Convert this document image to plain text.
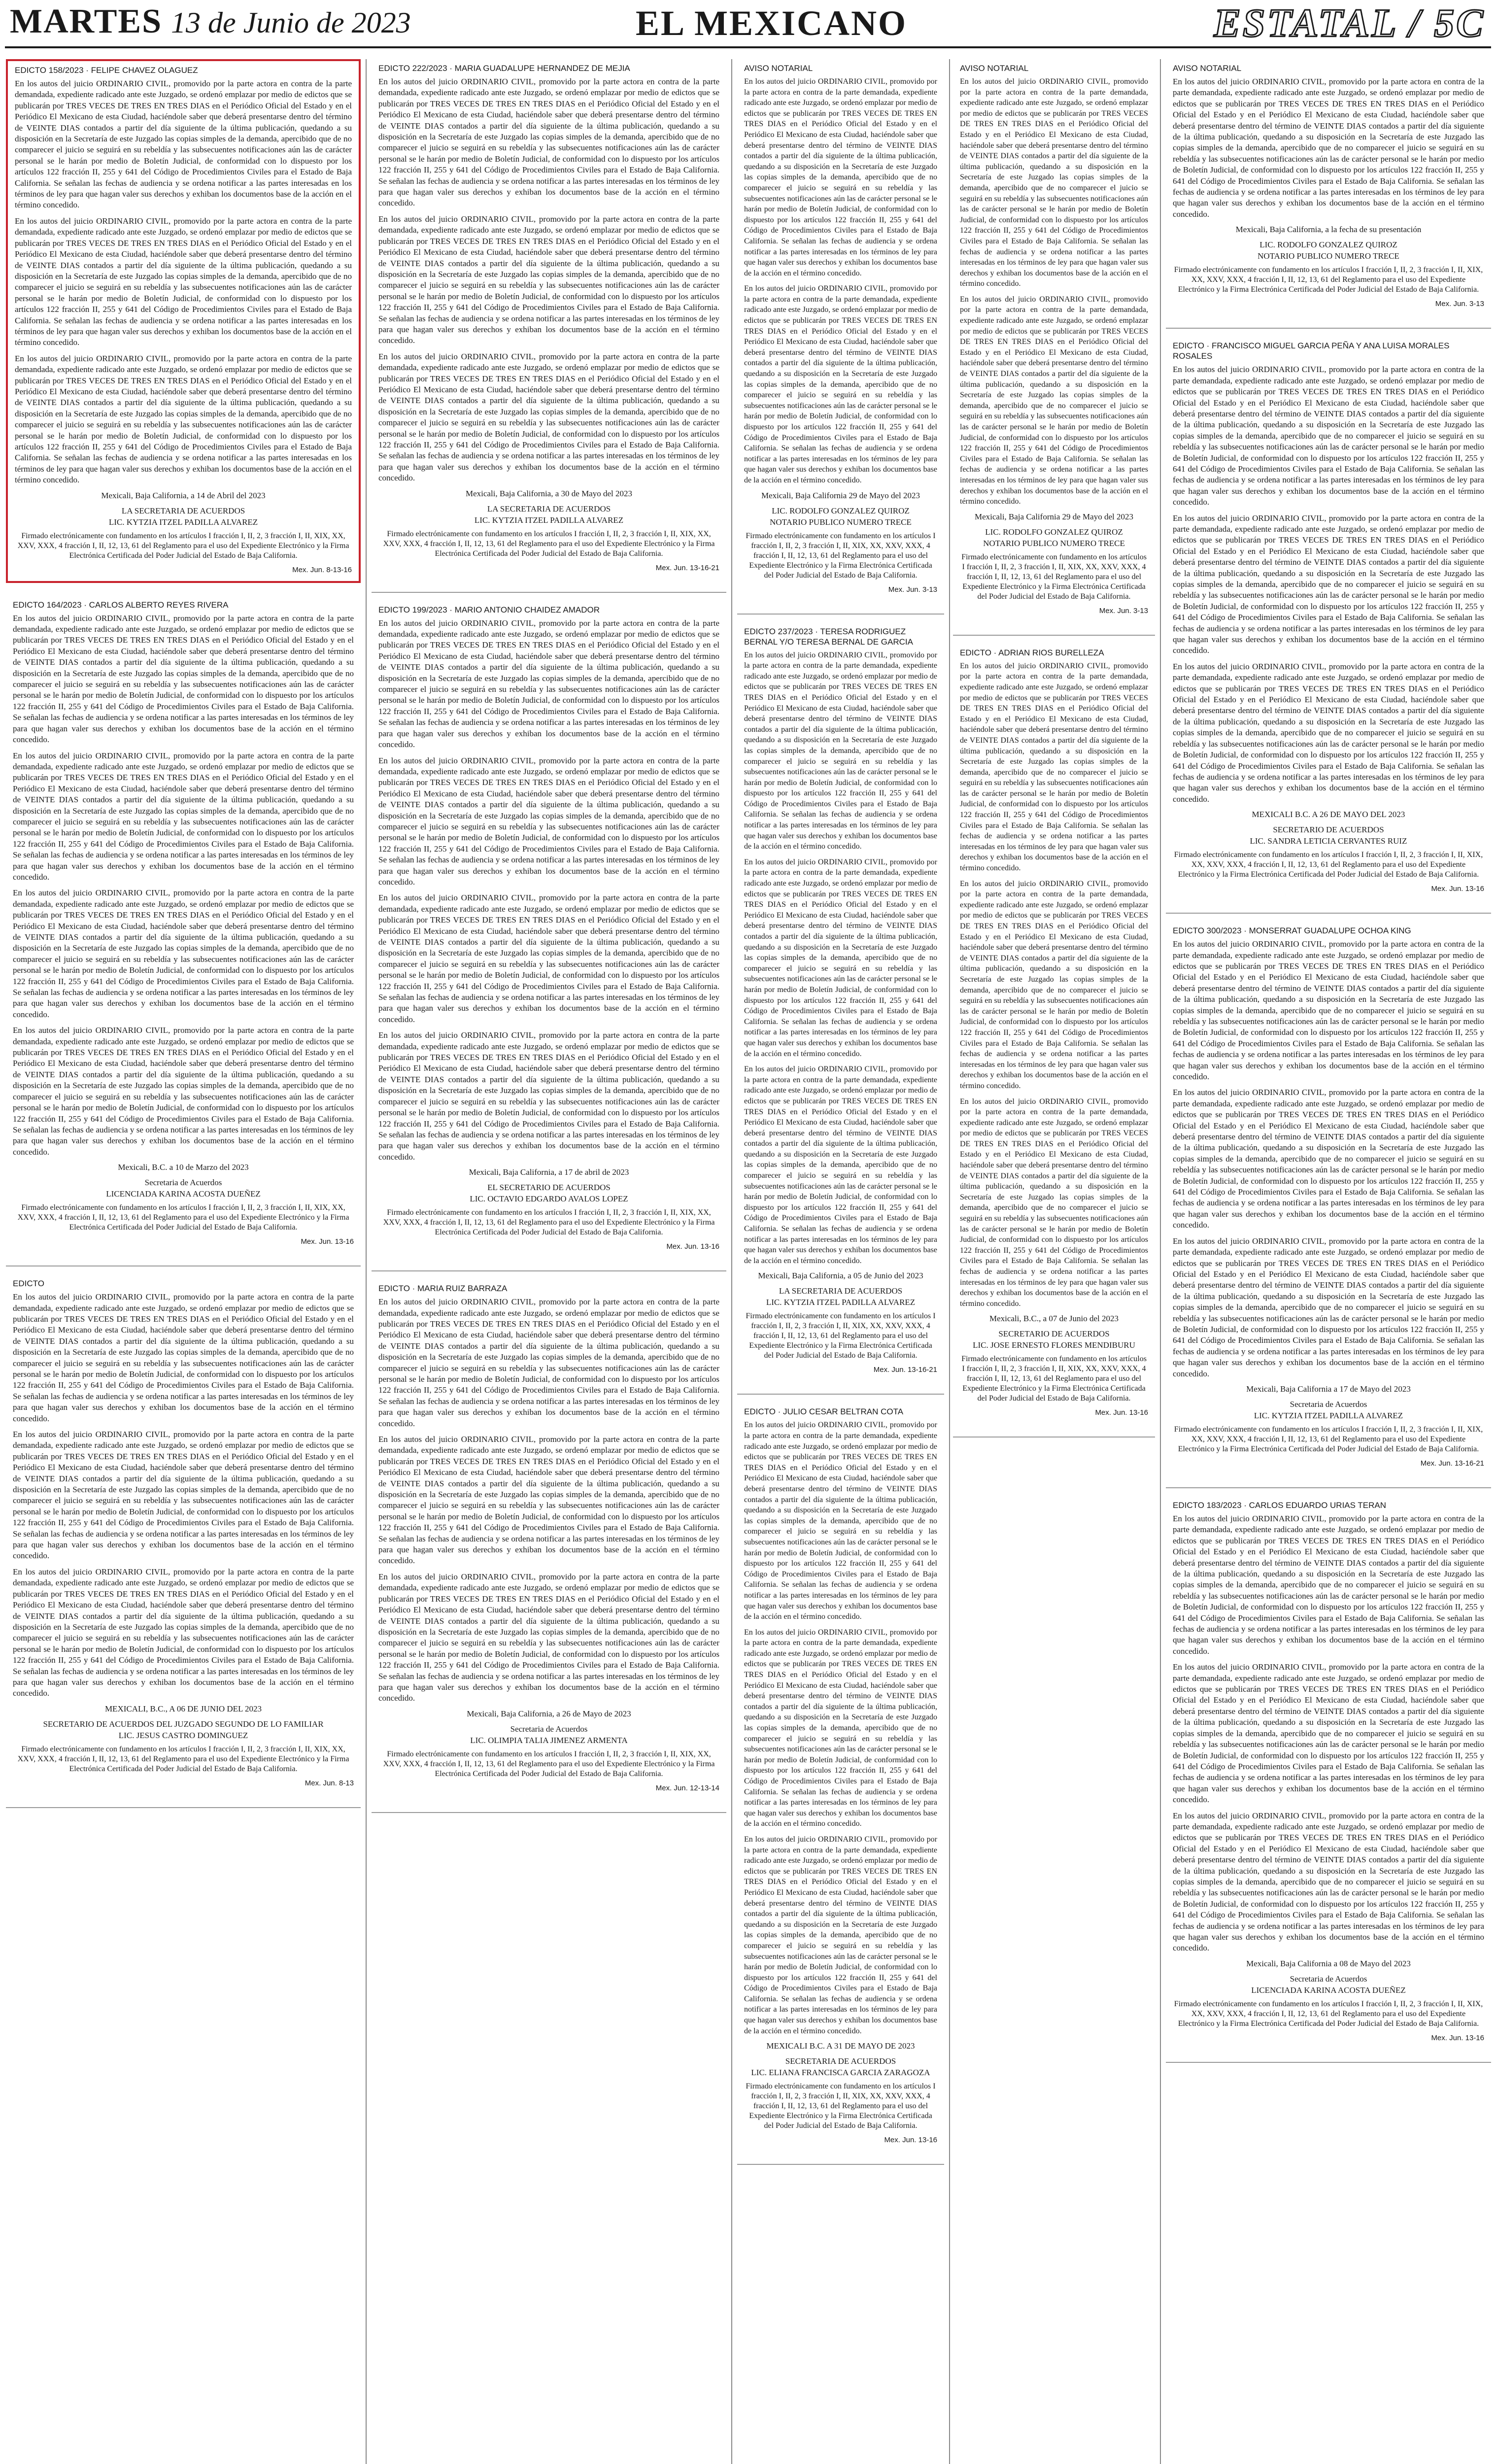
MARTES 13 de Junio de 2023	EL MEXICANO	ESTATAL / 5C
EDICTO 158/2023 · FELIPE CHAVEZ OLAGUEZ

En los autos del juicio ORDINARIO CIVIL, promovido por la parte actora en contra de la parte demandada, expediente radicado ante este Juzgado, se ordenó emplazar por medio de edictos que se publicarán por TRES VECES DE TRES EN TRES DIAS en el Periódico Oficial del Estado y en el Periódico El Mexicano de esta Ciudad, haciéndole saber que deberá presentarse dentro del término de VEINTE DIAS contados a partir del día siguiente de la última publicación, quedando a su disposición en la Secretaría de este Juzgado las copias simples de la demanda, apercibido que de no comparecer el juicio se seguirá en su rebeldía y las subsecuentes notificaciones aún las de carácter personal se le harán por medio de Boletín Judicial, de conformidad con lo dispuesto por los artículos 122 fracción II, 255 y 641 del Código de Procedimientos Civiles para el Estado de Baja California. Se señalan las fechas de audiencia y se ordena notificar a las partes interesadas en los términos de ley para que hagan valer sus derechos y exhiban los documentos base de la acción en el término concedido.

En los autos del juicio ORDINARIO CIVIL, promovido por la parte actora en contra de la parte demandada, expediente radicado ante este Juzgado, se ordenó emplazar por medio de edictos que se publicarán por TRES VECES DE TRES EN TRES DIAS en el Periódico Oficial del Estado y en el Periódico El Mexicano de esta Ciudad, haciéndole saber que deberá presentarse dentro del término de VEINTE DIAS contados a partir del día siguiente de la última publicación, quedando a su disposición en la Secretaría de este Juzgado las copias simples de la demanda, apercibido que de no comparecer el juicio se seguirá en su rebeldía y las subsecuentes notificaciones aún las de carácter personal se le harán por medio de Boletín Judicial, de conformidad con lo dispuesto por los artículos 122 fracción II, 255 y 641 del Código de Procedimientos Civiles para el Estado de Baja California. Se señalan las fechas de audiencia y se ordena notificar a las partes interesadas en los términos de ley para que hagan valer sus derechos y exhiban los documentos base de la acción en el término concedido.

En los autos del juicio ORDINARIO CIVIL, promovido por la parte actora en contra de la parte demandada, expediente radicado ante este Juzgado, se ordenó emplazar por medio de edictos que se publicarán por TRES VECES DE TRES EN TRES DIAS en el Periódico Oficial del Estado y en el Periódico El Mexicano de esta Ciudad, haciéndole saber que deberá presentarse dentro del término de VEINTE DIAS contados a partir del día siguiente de la última publicación, quedando a su disposición en la Secretaría de este Juzgado las copias simples de la demanda, apercibido que de no comparecer el juicio se seguirá en su rebeldía y las subsecuentes notificaciones aún las de carácter personal se le harán por medio de Boletín Judicial, de conformidad con lo dispuesto por los artículos 122 fracción II, 255 y 641 del Código de Procedimientos Civiles para el Estado de Baja California. Se señalan las fechas de audiencia y se ordena notificar a las partes interesadas en los términos de ley para que hagan valer sus derechos y exhiban los documentos base de la acción en el término concedido.

Mexicali, Baja California, a 14 de Abril del 2023
LA SECRETARIA DE ACUERDOS
LIC. KYTZIA ITZEL PADILLA ALVAREZ
Firmado electrónicamente con fundamento en los artículos I fracción I, II, 2, 3 fracción I, II, XIX, XX, XXV, XXX, 4 fracción I, II, 12, 13, 61 del Reglamento para el uso del Expediente Electrónico y la Firma Electrónica Certificada del Poder Judicial del Estado de Baja California.
Mex. Jun. 8-13-16
EDICTO 164/2023 · CARLOS ALBERTO REYES RIVERA

En los autos del juicio ORDINARIO CIVIL, promovido por la parte actora en contra de la parte demandada, expediente radicado ante este Juzgado, se ordenó emplazar por medio de edictos que se publicarán por TRES VECES DE TRES EN TRES DIAS en el Periódico Oficial del Estado y en el Periódico El Mexicano de esta Ciudad, haciéndole saber que deberá presentarse dentro del término de VEINTE DIAS contados a partir del día siguiente de la última publicación, quedando a su disposición en la Secretaría de este Juzgado las copias simples de la demanda, apercibido que de no comparecer el juicio se seguirá en su rebeldía y las subsecuentes notificaciones aún las de carácter personal se le harán por medio de Boletín Judicial, de conformidad con lo dispuesto por los artículos 122 fracción II, 255 y 641 del Código de Procedimientos Civiles para el Estado de Baja California. Se señalan las fechas de audiencia y se ordena notificar a las partes interesadas en los términos de ley para que hagan valer sus derechos y exhiban los documentos base de la acción en el término concedido.

En los autos del juicio ORDINARIO CIVIL, promovido por la parte actora en contra de la parte demandada, expediente radicado ante este Juzgado, se ordenó emplazar por medio de edictos que se publicarán por TRES VECES DE TRES EN TRES DIAS en el Periódico Oficial del Estado y en el Periódico El Mexicano de esta Ciudad, haciéndole saber que deberá presentarse dentro del término de VEINTE DIAS contados a partir del día siguiente de la última publicación, quedando a su disposición en la Secretaría de este Juzgado las copias simples de la demanda, apercibido que de no comparecer el juicio se seguirá en su rebeldía y las subsecuentes notificaciones aún las de carácter personal se le harán por medio de Boletín Judicial, de conformidad con lo dispuesto por los artículos 122 fracción II, 255 y 641 del Código de Procedimientos Civiles para el Estado de Baja California. Se señalan las fechas de audiencia y se ordena notificar a las partes interesadas en los términos de ley para que hagan valer sus derechos y exhiban los documentos base de la acción en el término concedido.

En los autos del juicio ORDINARIO CIVIL, promovido por la parte actora en contra de la parte demandada, expediente radicado ante este Juzgado, se ordenó emplazar por medio de edictos que se publicarán por TRES VECES DE TRES EN TRES DIAS en el Periódico Oficial del Estado y en el Periódico El Mexicano de esta Ciudad, haciéndole saber que deberá presentarse dentro del término de VEINTE DIAS contados a partir del día siguiente de la última publicación, quedando a su disposición en la Secretaría de este Juzgado las copias simples de la demanda, apercibido que de no comparecer el juicio se seguirá en su rebeldía y las subsecuentes notificaciones aún las de carácter personal se le harán por medio de Boletín Judicial, de conformidad con lo dispuesto por los artículos 122 fracción II, 255 y 641 del Código de Procedimientos Civiles para el Estado de Baja California. Se señalan las fechas de audiencia y se ordena notificar a las partes interesadas en los términos de ley para que hagan valer sus derechos y exhiban los documentos base de la acción en el término concedido.

En los autos del juicio ORDINARIO CIVIL, promovido por la parte actora en contra de la parte demandada, expediente radicado ante este Juzgado, se ordenó emplazar por medio de edictos que se publicarán por TRES VECES DE TRES EN TRES DIAS en el Periódico Oficial del Estado y en el Periódico El Mexicano de esta Ciudad, haciéndole saber que deberá presentarse dentro del término de VEINTE DIAS contados a partir del día siguiente de la última publicación, quedando a su disposición en la Secretaría de este Juzgado las copias simples de la demanda, apercibido que de no comparecer el juicio se seguirá en su rebeldía y las subsecuentes notificaciones aún las de carácter personal se le harán por medio de Boletín Judicial, de conformidad con lo dispuesto por los artículos 122 fracción II, 255 y 641 del Código de Procedimientos Civiles para el Estado de Baja California. Se señalan las fechas de audiencia y se ordena notificar a las partes interesadas en los términos de ley para que hagan valer sus derechos y exhiban los documentos base de la acción en el término concedido.

Mexicali, B.C. a 10 de Marzo del 2023
Secretaria de Acuerdos
LICENCIADA KARINA ACOSTA DUEÑEZ
Firmado electrónicamente con fundamento en los artículos I fracción I, II, 2, 3 fracción I, II, XIX, XX, XXV, XXX, 4 fracción I, II, 12, 13, 61 del Reglamento para el uso del Expediente Electrónico y la Firma Electrónica Certificada del Poder Judicial del Estado de Baja California.
Mex. Jun. 13-16
EDICTO

En los autos del juicio ORDINARIO CIVIL, promovido por la parte actora en contra de la parte demandada, expediente radicado ante este Juzgado, se ordenó emplazar por medio de edictos que se publicarán por TRES VECES DE TRES EN TRES DIAS en el Periódico Oficial del Estado y en el Periódico El Mexicano de esta Ciudad, haciéndole saber que deberá presentarse dentro del término de VEINTE DIAS contados a partir del día siguiente de la última publicación, quedando a su disposición en la Secretaría de este Juzgado las copias simples de la demanda, apercibido que de no comparecer el juicio se seguirá en su rebeldía y las subsecuentes notificaciones aún las de carácter personal se le harán por medio de Boletín Judicial, de conformidad con lo dispuesto por los artículos 122 fracción II, 255 y 641 del Código de Procedimientos Civiles para el Estado de Baja California. Se señalan las fechas de audiencia y se ordena notificar a las partes interesadas en los términos de ley para que hagan valer sus derechos y exhiban los documentos base de la acción en el término concedido.

En los autos del juicio ORDINARIO CIVIL, promovido por la parte actora en contra de la parte demandada, expediente radicado ante este Juzgado, se ordenó emplazar por medio de edictos que se publicarán por TRES VECES DE TRES EN TRES DIAS en el Periódico Oficial del Estado y en el Periódico El Mexicano de esta Ciudad, haciéndole saber que deberá presentarse dentro del término de VEINTE DIAS contados a partir del día siguiente de la última publicación, quedando a su disposición en la Secretaría de este Juzgado las copias simples de la demanda, apercibido que de no comparecer el juicio se seguirá en su rebeldía y las subsecuentes notificaciones aún las de carácter personal se le harán por medio de Boletín Judicial, de conformidad con lo dispuesto por los artículos 122 fracción II, 255 y 641 del Código de Procedimientos Civiles para el Estado de Baja California. Se señalan las fechas de audiencia y se ordena notificar a las partes interesadas en los términos de ley para que hagan valer sus derechos y exhiban los documentos base de la acción en el término concedido.

En los autos del juicio ORDINARIO CIVIL, promovido por la parte actora en contra de la parte demandada, expediente radicado ante este Juzgado, se ordenó emplazar por medio de edictos que se publicarán por TRES VECES DE TRES EN TRES DIAS en el Periódico Oficial del Estado y en el Periódico El Mexicano de esta Ciudad, haciéndole saber que deberá presentarse dentro del término de VEINTE DIAS contados a partir del día siguiente de la última publicación, quedando a su disposición en la Secretaría de este Juzgado las copias simples de la demanda, apercibido que de no comparecer el juicio se seguirá en su rebeldía y las subsecuentes notificaciones aún las de carácter personal se le harán por medio de Boletín Judicial, de conformidad con lo dispuesto por los artículos 122 fracción II, 255 y 641 del Código de Procedimientos Civiles para el Estado de Baja California. Se señalan las fechas de audiencia y se ordena notificar a las partes interesadas en los términos de ley para que hagan valer sus derechos y exhiban los documentos base de la acción en el término concedido.

MEXICALI, B.C., A 06 DE JUNIO DEL 2023
SECRETARIO DE ACUERDOS DEL JUZGADO SEGUNDO DE LO FAMILIAR
LIC. JESUS CASTRO DOMINGUEZ
Firmado electrónicamente con fundamento en los artículos I fracción I, II, 2, 3 fracción I, II, XIX, XX, XXV, XXX, 4 fracción I, II, 12, 13, 61 del Reglamento para el uso del Expediente Electrónico y la Firma Electrónica Certificada del Poder Judicial del Estado de Baja California.
Mex. Jun. 8-13
EDICTO 222/2023 · MARIA GUADALUPE HERNANDEZ DE MEJIA

En los autos del juicio ORDINARIO CIVIL, promovido por la parte actora en contra de la parte demandada, expediente radicado ante este Juzgado, se ordenó emplazar por medio de edictos que se publicarán por TRES VECES DE TRES EN TRES DIAS en el Periódico Oficial del Estado y en el Periódico El Mexicano de esta Ciudad, haciéndole saber que deberá presentarse dentro del término de VEINTE DIAS contados a partir del día siguiente de la última publicación, quedando a su disposición en la Secretaría de este Juzgado las copias simples de la demanda, apercibido que de no comparecer el juicio se seguirá en su rebeldía y las subsecuentes notificaciones aún las de carácter personal se le harán por medio de Boletín Judicial, de conformidad con lo dispuesto por los artículos 122 fracción II, 255 y 641 del Código de Procedimientos Civiles para el Estado de Baja California. Se señalan las fechas de audiencia y se ordena notificar a las partes interesadas en los términos de ley para que hagan valer sus derechos y exhiban los documentos base de la acción en el término concedido.

En los autos del juicio ORDINARIO CIVIL, promovido por la parte actora en contra de la parte demandada, expediente radicado ante este Juzgado, se ordenó emplazar por medio de edictos que se publicarán por TRES VECES DE TRES EN TRES DIAS en el Periódico Oficial del Estado y en el Periódico El Mexicano de esta Ciudad, haciéndole saber que deberá presentarse dentro del término de VEINTE DIAS contados a partir del día siguiente de la última publicación, quedando a su disposición en la Secretaría de este Juzgado las copias simples de la demanda, apercibido que de no comparecer el juicio se seguirá en su rebeldía y las subsecuentes notificaciones aún las de carácter personal se le harán por medio de Boletín Judicial, de conformidad con lo dispuesto por los artículos 122 fracción II, 255 y 641 del Código de Procedimientos Civiles para el Estado de Baja California. Se señalan las fechas de audiencia y se ordena notificar a las partes interesadas en los términos de ley para que hagan valer sus derechos y exhiban los documentos base de la acción en el término concedido.

En los autos del juicio ORDINARIO CIVIL, promovido por la parte actora en contra de la parte demandada, expediente radicado ante este Juzgado, se ordenó emplazar por medio de edictos que se publicarán por TRES VECES DE TRES EN TRES DIAS en el Periódico Oficial del Estado y en el Periódico El Mexicano de esta Ciudad, haciéndole saber que deberá presentarse dentro del término de VEINTE DIAS contados a partir del día siguiente de la última publicación, quedando a su disposición en la Secretaría de este Juzgado las copias simples de la demanda, apercibido que de no comparecer el juicio se seguirá en su rebeldía y las subsecuentes notificaciones aún las de carácter personal se le harán por medio de Boletín Judicial, de conformidad con lo dispuesto por los artículos 122 fracción II, 255 y 641 del Código de Procedimientos Civiles para el Estado de Baja California. Se señalan las fechas de audiencia y se ordena notificar a las partes interesadas en los términos de ley para que hagan valer sus derechos y exhiban los documentos base de la acción en el término concedido.

Mexicali, Baja California, a 30 de Mayo del 2023
LA SECRETARIA DE ACUERDOS
LIC. KYTZIA ITZEL PADILLA ALVAREZ
Firmado electrónicamente con fundamento en los artículos I fracción I, II, 2, 3 fracción I, II, XIX, XX, XXV, XXX, 4 fracción I, II, 12, 13, 61 del Reglamento para el uso del Expediente Electrónico y la Firma Electrónica Certificada del Poder Judicial del Estado de Baja California.
Mex. Jun. 13-16-21
EDICTO 199/2023 · MARIO ANTONIO CHAIDEZ AMADOR

En los autos del juicio ORDINARIO CIVIL, promovido por la parte actora en contra de la parte demandada, expediente radicado ante este Juzgado, se ordenó emplazar por medio de edictos que se publicarán por TRES VECES DE TRES EN TRES DIAS en el Periódico Oficial del Estado y en el Periódico El Mexicano de esta Ciudad, haciéndole saber que deberá presentarse dentro del término de VEINTE DIAS contados a partir del día siguiente de la última publicación, quedando a su disposición en la Secretaría de este Juzgado las copias simples de la demanda, apercibido que de no comparecer el juicio se seguirá en su rebeldía y las subsecuentes notificaciones aún las de carácter personal se le harán por medio de Boletín Judicial, de conformidad con lo dispuesto por los artículos 122 fracción II, 255 y 641 del Código de Procedimientos Civiles para el Estado de Baja California. Se señalan las fechas de audiencia y se ordena notificar a las partes interesadas en los términos de ley para que hagan valer sus derechos y exhiban los documentos base de la acción en el término concedido.

En los autos del juicio ORDINARIO CIVIL, promovido por la parte actora en contra de la parte demandada, expediente radicado ante este Juzgado, se ordenó emplazar por medio de edictos que se publicarán por TRES VECES DE TRES EN TRES DIAS en el Periódico Oficial del Estado y en el Periódico El Mexicano de esta Ciudad, haciéndole saber que deberá presentarse dentro del término de VEINTE DIAS contados a partir del día siguiente de la última publicación, quedando a su disposición en la Secretaría de este Juzgado las copias simples de la demanda, apercibido que de no comparecer el juicio se seguirá en su rebeldía y las subsecuentes notificaciones aún las de carácter personal se le harán por medio de Boletín Judicial, de conformidad con lo dispuesto por los artículos 122 fracción II, 255 y 641 del Código de Procedimientos Civiles para el Estado de Baja California. Se señalan las fechas de audiencia y se ordena notificar a las partes interesadas en los términos de ley para que hagan valer sus derechos y exhiban los documentos base de la acción en el término concedido.

En los autos del juicio ORDINARIO CIVIL, promovido por la parte actora en contra de la parte demandada, expediente radicado ante este Juzgado, se ordenó emplazar por medio de edictos que se publicarán por TRES VECES DE TRES EN TRES DIAS en el Periódico Oficial del Estado y en el Periódico El Mexicano de esta Ciudad, haciéndole saber que deberá presentarse dentro del término de VEINTE DIAS contados a partir del día siguiente de la última publicación, quedando a su disposición en la Secretaría de este Juzgado las copias simples de la demanda, apercibido que de no comparecer el juicio se seguirá en su rebeldía y las subsecuentes notificaciones aún las de carácter personal se le harán por medio de Boletín Judicial, de conformidad con lo dispuesto por los artículos 122 fracción II, 255 y 641 del Código de Procedimientos Civiles para el Estado de Baja California. Se señalan las fechas de audiencia y se ordena notificar a las partes interesadas en los términos de ley para que hagan valer sus derechos y exhiban los documentos base de la acción en el término concedido.

En los autos del juicio ORDINARIO CIVIL, promovido por la parte actora en contra de la parte demandada, expediente radicado ante este Juzgado, se ordenó emplazar por medio de edictos que se publicarán por TRES VECES DE TRES EN TRES DIAS en el Periódico Oficial del Estado y en el Periódico El Mexicano de esta Ciudad, haciéndole saber que deberá presentarse dentro del término de VEINTE DIAS contados a partir del día siguiente de la última publicación, quedando a su disposición en la Secretaría de este Juzgado las copias simples de la demanda, apercibido que de no comparecer el juicio se seguirá en su rebeldía y las subsecuentes notificaciones aún las de carácter personal se le harán por medio de Boletín Judicial, de conformidad con lo dispuesto por los artículos 122 fracción II, 255 y 641 del Código de Procedimientos Civiles para el Estado de Baja California. Se señalan las fechas de audiencia y se ordena notificar a las partes interesadas en los términos de ley para que hagan valer sus derechos y exhiban los documentos base de la acción en el término concedido.

Mexicali, Baja California, a 17 de abril de 2023
EL SECRETARIO DE ACUERDOS
LIC. OCTAVIO EDGARDO AVALOS LOPEZ
Firmado electrónicamente con fundamento en los artículos I fracción I, II, 2, 3 fracción I, II, XIX, XX, XXV, XXX, 4 fracción I, II, 12, 13, 61 del Reglamento para el uso del Expediente Electrónico y la Firma Electrónica Certificada del Poder Judicial del Estado de Baja California.
Mex. Jun. 13-16
EDICTO · MARIA RUIZ BARRAZA

En los autos del juicio ORDINARIO CIVIL, promovido por la parte actora en contra de la parte demandada, expediente radicado ante este Juzgado, se ordenó emplazar por medio de edictos que se publicarán por TRES VECES DE TRES EN TRES DIAS en el Periódico Oficial del Estado y en el Periódico El Mexicano de esta Ciudad, haciéndole saber que deberá presentarse dentro del término de VEINTE DIAS contados a partir del día siguiente de la última publicación, quedando a su disposición en la Secretaría de este Juzgado las copias simples de la demanda, apercibido que de no comparecer el juicio se seguirá en su rebeldía y las subsecuentes notificaciones aún las de carácter personal se le harán por medio de Boletín Judicial, de conformidad con lo dispuesto por los artículos 122 fracción II, 255 y 641 del Código de Procedimientos Civiles para el Estado de Baja California. Se señalan las fechas de audiencia y se ordena notificar a las partes interesadas en los términos de ley para que hagan valer sus derechos y exhiban los documentos base de la acción en el término concedido.

En los autos del juicio ORDINARIO CIVIL, promovido por la parte actora en contra de la parte demandada, expediente radicado ante este Juzgado, se ordenó emplazar por medio de edictos que se publicarán por TRES VECES DE TRES EN TRES DIAS en el Periódico Oficial del Estado y en el Periódico El Mexicano de esta Ciudad, haciéndole saber que deberá presentarse dentro del término de VEINTE DIAS contados a partir del día siguiente de la última publicación, quedando a su disposición en la Secretaría de este Juzgado las copias simples de la demanda, apercibido que de no comparecer el juicio se seguirá en su rebeldía y las subsecuentes notificaciones aún las de carácter personal se le harán por medio de Boletín Judicial, de conformidad con lo dispuesto por los artículos 122 fracción II, 255 y 641 del Código de Procedimientos Civiles para el Estado de Baja California. Se señalan las fechas de audiencia y se ordena notificar a las partes interesadas en los términos de ley para que hagan valer sus derechos y exhiban los documentos base de la acción en el término concedido.

En los autos del juicio ORDINARIO CIVIL, promovido por la parte actora en contra de la parte demandada, expediente radicado ante este Juzgado, se ordenó emplazar por medio de edictos que se publicarán por TRES VECES DE TRES EN TRES DIAS en el Periódico Oficial del Estado y en el Periódico El Mexicano de esta Ciudad, haciéndole saber que deberá presentarse dentro del término de VEINTE DIAS contados a partir del día siguiente de la última publicación, quedando a su disposición en la Secretaría de este Juzgado las copias simples de la demanda, apercibido que de no comparecer el juicio se seguirá en su rebeldía y las subsecuentes notificaciones aún las de carácter personal se le harán por medio de Boletín Judicial, de conformidad con lo dispuesto por los artículos 122 fracción II, 255 y 641 del Código de Procedimientos Civiles para el Estado de Baja California. Se señalan las fechas de audiencia y se ordena notificar a las partes interesadas en los términos de ley para que hagan valer sus derechos y exhiban los documentos base de la acción en el término concedido.

Mexicali, Baja California, a 26 de Mayo de 2023
Secretaria de Acuerdos
LIC. OLIMPIA TALIA JIMENEZ ARMENTA
Firmado electrónicamente con fundamento en los artículos I fracción I, II, 2, 3 fracción I, II, XIX, XX, XXV, XXX, 4 fracción I, II, 12, 13, 61 del Reglamento para el uso del Expediente Electrónico y la Firma Electrónica Certificada del Poder Judicial del Estado de Baja California.
Mex. Jun. 12-13-14
AVISO NOTARIAL

En los autos del juicio ORDINARIO CIVIL, promovido por la parte actora en contra de la parte demandada, expediente radicado ante este Juzgado, se ordenó emplazar por medio de edictos que se publicarán por TRES VECES DE TRES EN TRES DIAS en el Periódico Oficial del Estado y en el Periódico El Mexicano de esta Ciudad, haciéndole saber que deberá presentarse dentro del término de VEINTE DIAS contados a partir del día siguiente de la última publicación, quedando a su disposición en la Secretaría de este Juzgado las copias simples de la demanda, apercibido que de no comparecer el juicio se seguirá en su rebeldía y las subsecuentes notificaciones aún las de carácter personal se le harán por medio de Boletín Judicial, de conformidad con lo dispuesto por los artículos 122 fracción II, 255 y 641 del Código de Procedimientos Civiles para el Estado de Baja California. Se señalan las fechas de audiencia y se ordena notificar a las partes interesadas en los términos de ley para que hagan valer sus derechos y exhiban los documentos base de la acción en el término concedido.

En los autos del juicio ORDINARIO CIVIL, promovido por la parte actora en contra de la parte demandada, expediente radicado ante este Juzgado, se ordenó emplazar por medio de edictos que se publicarán por TRES VECES DE TRES EN TRES DIAS en el Periódico Oficial del Estado y en el Periódico El Mexicano de esta Ciudad, haciéndole saber que deberá presentarse dentro del término de VEINTE DIAS contados a partir del día siguiente de la última publicación, quedando a su disposición en la Secretaría de este Juzgado las copias simples de la demanda, apercibido que de no comparecer el juicio se seguirá en su rebeldía y las subsecuentes notificaciones aún las de carácter personal se le harán por medio de Boletín Judicial, de conformidad con lo dispuesto por los artículos 122 fracción II, 255 y 641 del Código de Procedimientos Civiles para el Estado de Baja California. Se señalan las fechas de audiencia y se ordena notificar a las partes interesadas en los términos de ley para que hagan valer sus derechos y exhiban los documentos base de la acción en el término concedido.

Mexicali, Baja California 29 de Mayo del 2023
LIC. RODOLFO GONZALEZ QUIROZ
NOTARIO PUBLICO NUMERO TRECE
Firmado electrónicamente con fundamento en los artículos I fracción I, II, 2, 3 fracción I, II, XIX, XX, XXV, XXX, 4 fracción I, II, 12, 13, 61 del Reglamento para el uso del Expediente Electrónico y la Firma Electrónica Certificada del Poder Judicial del Estado de Baja California.
Mex. Jun. 3-13
EDICTO 237/2023 · TERESA RODRIGUEZ BERNAL Y/O TERESA BERNAL DE GARCIA

En los autos del juicio ORDINARIO CIVIL, promovido por la parte actora en contra de la parte demandada, expediente radicado ante este Juzgado, se ordenó emplazar por medio de edictos que se publicarán por TRES VECES DE TRES EN TRES DIAS en el Periódico Oficial del Estado y en el Periódico El Mexicano de esta Ciudad, haciéndole saber que deberá presentarse dentro del término de VEINTE DIAS contados a partir del día siguiente de la última publicación, quedando a su disposición en la Secretaría de este Juzgado las copias simples de la demanda, apercibido que de no comparecer el juicio se seguirá en su rebeldía y las subsecuentes notificaciones aún las de carácter personal se le harán por medio de Boletín Judicial, de conformidad con lo dispuesto por los artículos 122 fracción II, 255 y 641 del Código de Procedimientos Civiles para el Estado de Baja California. Se señalan las fechas de audiencia y se ordena notificar a las partes interesadas en los términos de ley para que hagan valer sus derechos y exhiban los documentos base de la acción en el término concedido.

En los autos del juicio ORDINARIO CIVIL, promovido por la parte actora en contra de la parte demandada, expediente radicado ante este Juzgado, se ordenó emplazar por medio de edictos que se publicarán por TRES VECES DE TRES EN TRES DIAS en el Periódico Oficial del Estado y en el Periódico El Mexicano de esta Ciudad, haciéndole saber que deberá presentarse dentro del término de VEINTE DIAS contados a partir del día siguiente de la última publicación, quedando a su disposición en la Secretaría de este Juzgado las copias simples de la demanda, apercibido que de no comparecer el juicio se seguirá en su rebeldía y las subsecuentes notificaciones aún las de carácter personal se le harán por medio de Boletín Judicial, de conformidad con lo dispuesto por los artículos 122 fracción II, 255 y 641 del Código de Procedimientos Civiles para el Estado de Baja California. Se señalan las fechas de audiencia y se ordena notificar a las partes interesadas en los términos de ley para que hagan valer sus derechos y exhiban los documentos base de la acción en el término concedido.

En los autos del juicio ORDINARIO CIVIL, promovido por la parte actora en contra de la parte demandada, expediente radicado ante este Juzgado, se ordenó emplazar por medio de edictos que se publicarán por TRES VECES DE TRES EN TRES DIAS en el Periódico Oficial del Estado y en el Periódico El Mexicano de esta Ciudad, haciéndole saber que deberá presentarse dentro del término de VEINTE DIAS contados a partir del día siguiente de la última publicación, quedando a su disposición en la Secretaría de este Juzgado las copias simples de la demanda, apercibido que de no comparecer el juicio se seguirá en su rebeldía y las subsecuentes notificaciones aún las de carácter personal se le harán por medio de Boletín Judicial, de conformidad con lo dispuesto por los artículos 122 fracción II, 255 y 641 del Código de Procedimientos Civiles para el Estado de Baja California. Se señalan las fechas de audiencia y se ordena notificar a las partes interesadas en los términos de ley para que hagan valer sus derechos y exhiban los documentos base de la acción en el término concedido.

Mexicali, Baja California, a 05 de Junio del 2023
LA SECRETARIA DE ACUERDOS
LIC. KYTZIA ITZEL PADILLA ALVAREZ
Firmado electrónicamente con fundamento en los artículos I fracción I, II, 2, 3 fracción I, II, XIX, XX, XXV, XXX, 4 fracción I, II, 12, 13, 61 del Reglamento para el uso del Expediente Electrónico y la Firma Electrónica Certificada del Poder Judicial del Estado de Baja California.
Mex. Jun. 13-16-21
EDICTO · JULIO CESAR BELTRAN COTA

En los autos del juicio ORDINARIO CIVIL, promovido por la parte actora en contra de la parte demandada, expediente radicado ante este Juzgado, se ordenó emplazar por medio de edictos que se publicarán por TRES VECES DE TRES EN TRES DIAS en el Periódico Oficial del Estado y en el Periódico El Mexicano de esta Ciudad, haciéndole saber que deberá presentarse dentro del término de VEINTE DIAS contados a partir del día siguiente de la última publicación, quedando a su disposición en la Secretaría de este Juzgado las copias simples de la demanda, apercibido que de no comparecer el juicio se seguirá en su rebeldía y las subsecuentes notificaciones aún las de carácter personal se le harán por medio de Boletín Judicial, de conformidad con lo dispuesto por los artículos 122 fracción II, 255 y 641 del Código de Procedimientos Civiles para el Estado de Baja California. Se señalan las fechas de audiencia y se ordena notificar a las partes interesadas en los términos de ley para que hagan valer sus derechos y exhiban los documentos base de la acción en el término concedido.

En los autos del juicio ORDINARIO CIVIL, promovido por la parte actora en contra de la parte demandada, expediente radicado ante este Juzgado, se ordenó emplazar por medio de edictos que se publicarán por TRES VECES DE TRES EN TRES DIAS en el Periódico Oficial del Estado y en el Periódico El Mexicano de esta Ciudad, haciéndole saber que deberá presentarse dentro del término de VEINTE DIAS contados a partir del día siguiente de la última publicación, quedando a su disposición en la Secretaría de este Juzgado las copias simples de la demanda, apercibido que de no comparecer el juicio se seguirá en su rebeldía y las subsecuentes notificaciones aún las de carácter personal se le harán por medio de Boletín Judicial, de conformidad con lo dispuesto por los artículos 122 fracción II, 255 y 641 del Código de Procedimientos Civiles para el Estado de Baja California. Se señalan las fechas de audiencia y se ordena notificar a las partes interesadas en los términos de ley para que hagan valer sus derechos y exhiban los documentos base de la acción en el término concedido.

En los autos del juicio ORDINARIO CIVIL, promovido por la parte actora en contra de la parte demandada, expediente radicado ante este Juzgado, se ordenó emplazar por medio de edictos que se publicarán por TRES VECES DE TRES EN TRES DIAS en el Periódico Oficial del Estado y en el Periódico El Mexicano de esta Ciudad, haciéndole saber que deberá presentarse dentro del término de VEINTE DIAS contados a partir del día siguiente de la última publicación, quedando a su disposición en la Secretaría de este Juzgado las copias simples de la demanda, apercibido que de no comparecer el juicio se seguirá en su rebeldía y las subsecuentes notificaciones aún las de carácter personal se le harán por medio de Boletín Judicial, de conformidad con lo dispuesto por los artículos 122 fracción II, 255 y 641 del Código de Procedimientos Civiles para el Estado de Baja California. Se señalan las fechas de audiencia y se ordena notificar a las partes interesadas en los términos de ley para que hagan valer sus derechos y exhiban los documentos base de la acción en el término concedido.

MEXICALI B.C. A 31 DE MAYO DE 2023
SECRETARIA DE ACUERDOS
LIC. ELIANA FRANCISCA GARCIA ZARAGOZA
Firmado electrónicamente con fundamento en los artículos I fracción I, II, 2, 3 fracción I, II, XIX, XX, XXV, XXX, 4 fracción I, II, 12, 13, 61 del Reglamento para el uso del Expediente Electrónico y la Firma Electrónica Certificada del Poder Judicial del Estado de Baja California.
Mex. Jun. 13-16
AVISO NOTARIAL

En los autos del juicio ORDINARIO CIVIL, promovido por la parte actora en contra de la parte demandada, expediente radicado ante este Juzgado, se ordenó emplazar por medio de edictos que se publicarán por TRES VECES DE TRES EN TRES DIAS en el Periódico Oficial del Estado y en el Periódico El Mexicano de esta Ciudad, haciéndole saber que deberá presentarse dentro del término de VEINTE DIAS contados a partir del día siguiente de la última publicación, quedando a su disposición en la Secretaría de este Juzgado las copias simples de la demanda, apercibido que de no comparecer el juicio se seguirá en su rebeldía y las subsecuentes notificaciones aún las de carácter personal se le harán por medio de Boletín Judicial, de conformidad con lo dispuesto por los artículos 122 fracción II, 255 y 641 del Código de Procedimientos Civiles para el Estado de Baja California. Se señalan las fechas de audiencia y se ordena notificar a las partes interesadas en los términos de ley para que hagan valer sus derechos y exhiban los documentos base de la acción en el término concedido.

En los autos del juicio ORDINARIO CIVIL, promovido por la parte actora en contra de la parte demandada, expediente radicado ante este Juzgado, se ordenó emplazar por medio de edictos que se publicarán por TRES VECES DE TRES EN TRES DIAS en el Periódico Oficial del Estado y en el Periódico El Mexicano de esta Ciudad, haciéndole saber que deberá presentarse dentro del término de VEINTE DIAS contados a partir del día siguiente de la última publicación, quedando a su disposición en la Secretaría de este Juzgado las copias simples de la demanda, apercibido que de no comparecer el juicio se seguirá en su rebeldía y las subsecuentes notificaciones aún las de carácter personal se le harán por medio de Boletín Judicial, de conformidad con lo dispuesto por los artículos 122 fracción II, 255 y 641 del Código de Procedimientos Civiles para el Estado de Baja California. Se señalan las fechas de audiencia y se ordena notificar a las partes interesadas en los términos de ley para que hagan valer sus derechos y exhiban los documentos base de la acción en el término concedido.

Mexicali, Baja California 29 de Mayo del 2023
LIC. RODOLFO GONZALEZ QUIROZ
NOTARIO PUBLICO NUMERO TRECE
Firmado electrónicamente con fundamento en los artículos I fracción I, II, 2, 3 fracción I, II, XIX, XX, XXV, XXX, 4 fracción I, II, 12, 13, 61 del Reglamento para el uso del Expediente Electrónico y la Firma Electrónica Certificada del Poder Judicial del Estado de Baja California.
Mex. Jun. 3-13
EDICTO · ADRIAN RIOS BURELLEZA

En los autos del juicio ORDINARIO CIVIL, promovido por la parte actora en contra de la parte demandada, expediente radicado ante este Juzgado, se ordenó emplazar por medio de edictos que se publicarán por TRES VECES DE TRES EN TRES DIAS en el Periódico Oficial del Estado y en el Periódico El Mexicano de esta Ciudad, haciéndole saber que deberá presentarse dentro del término de VEINTE DIAS contados a partir del día siguiente de la última publicación, quedando a su disposición en la Secretaría de este Juzgado las copias simples de la demanda, apercibido que de no comparecer el juicio se seguirá en su rebeldía y las subsecuentes notificaciones aún las de carácter personal se le harán por medio de Boletín Judicial, de conformidad con lo dispuesto por los artículos 122 fracción II, 255 y 641 del Código de Procedimientos Civiles para el Estado de Baja California. Se señalan las fechas de audiencia y se ordena notificar a las partes interesadas en los términos de ley para que hagan valer sus derechos y exhiban los documentos base de la acción en el término concedido.

En los autos del juicio ORDINARIO CIVIL, promovido por la parte actora en contra de la parte demandada, expediente radicado ante este Juzgado, se ordenó emplazar por medio de edictos que se publicarán por TRES VECES DE TRES EN TRES DIAS en el Periódico Oficial del Estado y en el Periódico El Mexicano de esta Ciudad, haciéndole saber que deberá presentarse dentro del término de VEINTE DIAS contados a partir del día siguiente de la última publicación, quedando a su disposición en la Secretaría de este Juzgado las copias simples de la demanda, apercibido que de no comparecer el juicio se seguirá en su rebeldía y las subsecuentes notificaciones aún las de carácter personal se le harán por medio de Boletín Judicial, de conformidad con lo dispuesto por los artículos 122 fracción II, 255 y 641 del Código de Procedimientos Civiles para el Estado de Baja California. Se señalan las fechas de audiencia y se ordena notificar a las partes interesadas en los términos de ley para que hagan valer sus derechos y exhiban los documentos base de la acción en el término concedido.

En los autos del juicio ORDINARIO CIVIL, promovido por la parte actora en contra de la parte demandada, expediente radicado ante este Juzgado, se ordenó emplazar por medio de edictos que se publicarán por TRES VECES DE TRES EN TRES DIAS en el Periódico Oficial del Estado y en el Periódico El Mexicano de esta Ciudad, haciéndole saber que deberá presentarse dentro del término de VEINTE DIAS contados a partir del día siguiente de la última publicación, quedando a su disposición en la Secretaría de este Juzgado las copias simples de la demanda, apercibido que de no comparecer el juicio se seguirá en su rebeldía y las subsecuentes notificaciones aún las de carácter personal se le harán por medio de Boletín Judicial, de conformidad con lo dispuesto por los artículos 122 fracción II, 255 y 641 del Código de Procedimientos Civiles para el Estado de Baja California. Se señalan las fechas de audiencia y se ordena notificar a las partes interesadas en los términos de ley para que hagan valer sus derechos y exhiban los documentos base de la acción en el término concedido.

Mexicali, B.C., a 07 de Junio del 2023
SECRETARIO DE ACUERDOS
LIC. JOSE ERNESTO FLORES MENDIBURU
Firmado electrónicamente con fundamento en los artículos I fracción I, II, 2, 3 fracción I, II, XIX, XX, XXV, XXX, 4 fracción I, II, 12, 13, 61 del Reglamento para el uso del Expediente Electrónico y la Firma Electrónica Certificada del Poder Judicial del Estado de Baja California.
Mex. Jun. 13-16
AVISO NOTARIAL

En los autos del juicio ORDINARIO CIVIL, promovido por la parte actora en contra de la parte demandada, expediente radicado ante este Juzgado, se ordenó emplazar por medio de edictos que se publicarán por TRES VECES DE TRES EN TRES DIAS en el Periódico Oficial del Estado y en el Periódico El Mexicano de esta Ciudad, haciéndole saber que deberá presentarse dentro del término de VEINTE DIAS contados a partir del día siguiente de la última publicación, quedando a su disposición en la Secretaría de este Juzgado las copias simples de la demanda, apercibido que de no comparecer el juicio se seguirá en su rebeldía y las subsecuentes notificaciones aún las de carácter personal se le harán por medio de Boletín Judicial, de conformidad con lo dispuesto por los artículos 122 fracción II, 255 y 641 del Código de Procedimientos Civiles para el Estado de Baja California. Se señalan las fechas de audiencia y se ordena notificar a las partes interesadas en los términos de ley para que hagan valer sus derechos y exhiban los documentos base de la acción en el término concedido.

Mexicali, Baja California, a la fecha de su presentación
LIC. RODOLFO GONZALEZ QUIROZ
NOTARIO PUBLICO NUMERO TRECE
Firmado electrónicamente con fundamento en los artículos I fracción I, II, 2, 3 fracción I, II, XIX, XX, XXV, XXX, 4 fracción I, II, 12, 13, 61 del Reglamento para el uso del Expediente Electrónico y la Firma Electrónica Certificada del Poder Judicial del Estado de Baja California.
Mex. Jun. 3-13
EDICTO · FRANCISCO MIGUEL GARCIA PEÑA Y ANA LUISA MORALES ROSALES

En los autos del juicio ORDINARIO CIVIL, promovido por la parte actora en contra de la parte demandada, expediente radicado ante este Juzgado, se ordenó emplazar por medio de edictos que se publicarán por TRES VECES DE TRES EN TRES DIAS en el Periódico Oficial del Estado y en el Periódico El Mexicano de esta Ciudad, haciéndole saber que deberá presentarse dentro del término de VEINTE DIAS contados a partir del día siguiente de la última publicación, quedando a su disposición en la Secretaría de este Juzgado las copias simples de la demanda, apercibido que de no comparecer el juicio se seguirá en su rebeldía y las subsecuentes notificaciones aún las de carácter personal se le harán por medio de Boletín Judicial, de conformidad con lo dispuesto por los artículos 122 fracción II, 255 y 641 del Código de Procedimientos Civiles para el Estado de Baja California. Se señalan las fechas de audiencia y se ordena notificar a las partes interesadas en los términos de ley para que hagan valer sus derechos y exhiban los documentos base de la acción en el término concedido.

En los autos del juicio ORDINARIO CIVIL, promovido por la parte actora en contra de la parte demandada, expediente radicado ante este Juzgado, se ordenó emplazar por medio de edictos que se publicarán por TRES VECES DE TRES EN TRES DIAS en el Periódico Oficial del Estado y en el Periódico El Mexicano de esta Ciudad, haciéndole saber que deberá presentarse dentro del término de VEINTE DIAS contados a partir del día siguiente de la última publicación, quedando a su disposición en la Secretaría de este Juzgado las copias simples de la demanda, apercibido que de no comparecer el juicio se seguirá en su rebeldía y las subsecuentes notificaciones aún las de carácter personal se le harán por medio de Boletín Judicial, de conformidad con lo dispuesto por los artículos 122 fracción II, 255 y 641 del Código de Procedimientos Civiles para el Estado de Baja California. Se señalan las fechas de audiencia y se ordena notificar a las partes interesadas en los términos de ley para que hagan valer sus derechos y exhiban los documentos base de la acción en el término concedido.

En los autos del juicio ORDINARIO CIVIL, promovido por la parte actora en contra de la parte demandada, expediente radicado ante este Juzgado, se ordenó emplazar por medio de edictos que se publicarán por TRES VECES DE TRES EN TRES DIAS en el Periódico Oficial del Estado y en el Periódico El Mexicano de esta Ciudad, haciéndole saber que deberá presentarse dentro del término de VEINTE DIAS contados a partir del día siguiente de la última publicación, quedando a su disposición en la Secretaría de este Juzgado las copias simples de la demanda, apercibido que de no comparecer el juicio se seguirá en su rebeldía y las subsecuentes notificaciones aún las de carácter personal se le harán por medio de Boletín Judicial, de conformidad con lo dispuesto por los artículos 122 fracción II, 255 y 641 del Código de Procedimientos Civiles para el Estado de Baja California. Se señalan las fechas de audiencia y se ordena notificar a las partes interesadas en los términos de ley para que hagan valer sus derechos y exhiban los documentos base de la acción en el término concedido.

MEXICALI B.C. A 26 DE MAYO DEL 2023
SECRETARIO DE ACUERDOS
LIC. SANDRA LETICIA CERVANTES RUIZ
Firmado electrónicamente con fundamento en los artículos I fracción I, II, 2, 3 fracción I, II, XIX, XX, XXV, XXX, 4 fracción I, II, 12, 13, 61 del Reglamento para el uso del Expediente Electrónico y la Firma Electrónica Certificada del Poder Judicial del Estado de Baja California.
Mex. Jun. 13-16
EDICTO 300/2023 · MONSERRAT GUADALUPE OCHOA KING

En los autos del juicio ORDINARIO CIVIL, promovido por la parte actora en contra de la parte demandada, expediente radicado ante este Juzgado, se ordenó emplazar por medio de edictos que se publicarán por TRES VECES DE TRES EN TRES DIAS en el Periódico Oficial del Estado y en el Periódico El Mexicano de esta Ciudad, haciéndole saber que deberá presentarse dentro del término de VEINTE DIAS contados a partir del día siguiente de la última publicación, quedando a su disposición en la Secretaría de este Juzgado las copias simples de la demanda, apercibido que de no comparecer el juicio se seguirá en su rebeldía y las subsecuentes notificaciones aún las de carácter personal se le harán por medio de Boletín Judicial, de conformidad con lo dispuesto por los artículos 122 fracción II, 255 y 641 del Código de Procedimientos Civiles para el Estado de Baja California. Se señalan las fechas de audiencia y se ordena notificar a las partes interesadas en los términos de ley para que hagan valer sus derechos y exhiban los documentos base de la acción en el término concedido.

En los autos del juicio ORDINARIO CIVIL, promovido por la parte actora en contra de la parte demandada, expediente radicado ante este Juzgado, se ordenó emplazar por medio de edictos que se publicarán por TRES VECES DE TRES EN TRES DIAS en el Periódico Oficial del Estado y en el Periódico El Mexicano de esta Ciudad, haciéndole saber que deberá presentarse dentro del término de VEINTE DIAS contados a partir del día siguiente de la última publicación, quedando a su disposición en la Secretaría de este Juzgado las copias simples de la demanda, apercibido que de no comparecer el juicio se seguirá en su rebeldía y las subsecuentes notificaciones aún las de carácter personal se le harán por medio de Boletín Judicial, de conformidad con lo dispuesto por los artículos 122 fracción II, 255 y 641 del Código de Procedimientos Civiles para el Estado de Baja California. Se señalan las fechas de audiencia y se ordena notificar a las partes interesadas en los términos de ley para que hagan valer sus derechos y exhiban los documentos base de la acción en el término concedido.

En los autos del juicio ORDINARIO CIVIL, promovido por la parte actora en contra de la parte demandada, expediente radicado ante este Juzgado, se ordenó emplazar por medio de edictos que se publicarán por TRES VECES DE TRES EN TRES DIAS en el Periódico Oficial del Estado y en el Periódico El Mexicano de esta Ciudad, haciéndole saber que deberá presentarse dentro del término de VEINTE DIAS contados a partir del día siguiente de la última publicación, quedando a su disposición en la Secretaría de este Juzgado las copias simples de la demanda, apercibido que de no comparecer el juicio se seguirá en su rebeldía y las subsecuentes notificaciones aún las de carácter personal se le harán por medio de Boletín Judicial, de conformidad con lo dispuesto por los artículos 122 fracción II, 255 y 641 del Código de Procedimientos Civiles para el Estado de Baja California. Se señalan las fechas de audiencia y se ordena notificar a las partes interesadas en los términos de ley para que hagan valer sus derechos y exhiban los documentos base de la acción en el término concedido.

Mexicali, Baja California a 17 de Mayo del 2023
Secretaria de Acuerdos
LIC. KYTZIA ITZEL PADILLA ALVAREZ
Firmado electrónicamente con fundamento en los artículos I fracción I, II, 2, 3 fracción I, II, XIX, XX, XXV, XXX, 4 fracción I, II, 12, 13, 61 del Reglamento para el uso del Expediente Electrónico y la Firma Electrónica Certificada del Poder Judicial del Estado de Baja California.
Mex. Jun. 13-16-21
EDICTO 183/2023 · CARLOS EDUARDO URIAS TERAN

En los autos del juicio ORDINARIO CIVIL, promovido por la parte actora en contra de la parte demandada, expediente radicado ante este Juzgado, se ordenó emplazar por medio de edictos que se publicarán por TRES VECES DE TRES EN TRES DIAS en el Periódico Oficial del Estado y en el Periódico El Mexicano de esta Ciudad, haciéndole saber que deberá presentarse dentro del término de VEINTE DIAS contados a partir del día siguiente de la última publicación, quedando a su disposición en la Secretaría de este Juzgado las copias simples de la demanda, apercibido que de no comparecer el juicio se seguirá en su rebeldía y las subsecuentes notificaciones aún las de carácter personal se le harán por medio de Boletín Judicial, de conformidad con lo dispuesto por los artículos 122 fracción II, 255 y 641 del Código de Procedimientos Civiles para el Estado de Baja California. Se señalan las fechas de audiencia y se ordena notificar a las partes interesadas en los términos de ley para que hagan valer sus derechos y exhiban los documentos base de la acción en el término concedido.

En los autos del juicio ORDINARIO CIVIL, promovido por la parte actora en contra de la parte demandada, expediente radicado ante este Juzgado, se ordenó emplazar por medio de edictos que se publicarán por TRES VECES DE TRES EN TRES DIAS en el Periódico Oficial del Estado y en el Periódico El Mexicano de esta Ciudad, haciéndole saber que deberá presentarse dentro del término de VEINTE DIAS contados a partir del día siguiente de la última publicación, quedando a su disposición en la Secretaría de este Juzgado las copias simples de la demanda, apercibido que de no comparecer el juicio se seguirá en su rebeldía y las subsecuentes notificaciones aún las de carácter personal se le harán por medio de Boletín Judicial, de conformidad con lo dispuesto por los artículos 122 fracción II, 255 y 641 del Código de Procedimientos Civiles para el Estado de Baja California. Se señalan las fechas de audiencia y se ordena notificar a las partes interesadas en los términos de ley para que hagan valer sus derechos y exhiban los documentos base de la acción en el término concedido.

En los autos del juicio ORDINARIO CIVIL, promovido por la parte actora en contra de la parte demandada, expediente radicado ante este Juzgado, se ordenó emplazar por medio de edictos que se publicarán por TRES VECES DE TRES EN TRES DIAS en el Periódico Oficial del Estado y en el Periódico El Mexicano de esta Ciudad, haciéndole saber que deberá presentarse dentro del término de VEINTE DIAS contados a partir del día siguiente de la última publicación, quedando a su disposición en la Secretaría de este Juzgado las copias simples de la demanda, apercibido que de no comparecer el juicio se seguirá en su rebeldía y las subsecuentes notificaciones aún las de carácter personal se le harán por medio de Boletín Judicial, de conformidad con lo dispuesto por los artículos 122 fracción II, 255 y 641 del Código de Procedimientos Civiles para el Estado de Baja California. Se señalan las fechas de audiencia y se ordena notificar a las partes interesadas en los términos de ley para que hagan valer sus derechos y exhiban los documentos base de la acción en el término concedido.

Mexicali, Baja California a 08 de Mayo del 2023
Secretaria de Acuerdos
LICENCIADA KARINA ACOSTA DUEÑEZ
Firmado electrónicamente con fundamento en los artículos I fracción I, II, 2, 3 fracción I, II, XIX, XX, XXV, XXX, 4 fracción I, II, 12, 13, 61 del Reglamento para el uso del Expediente Electrónico y la Firma Electrónica Certificada del Poder Judicial del Estado de Baja California.
Mex. Jun. 13-16
